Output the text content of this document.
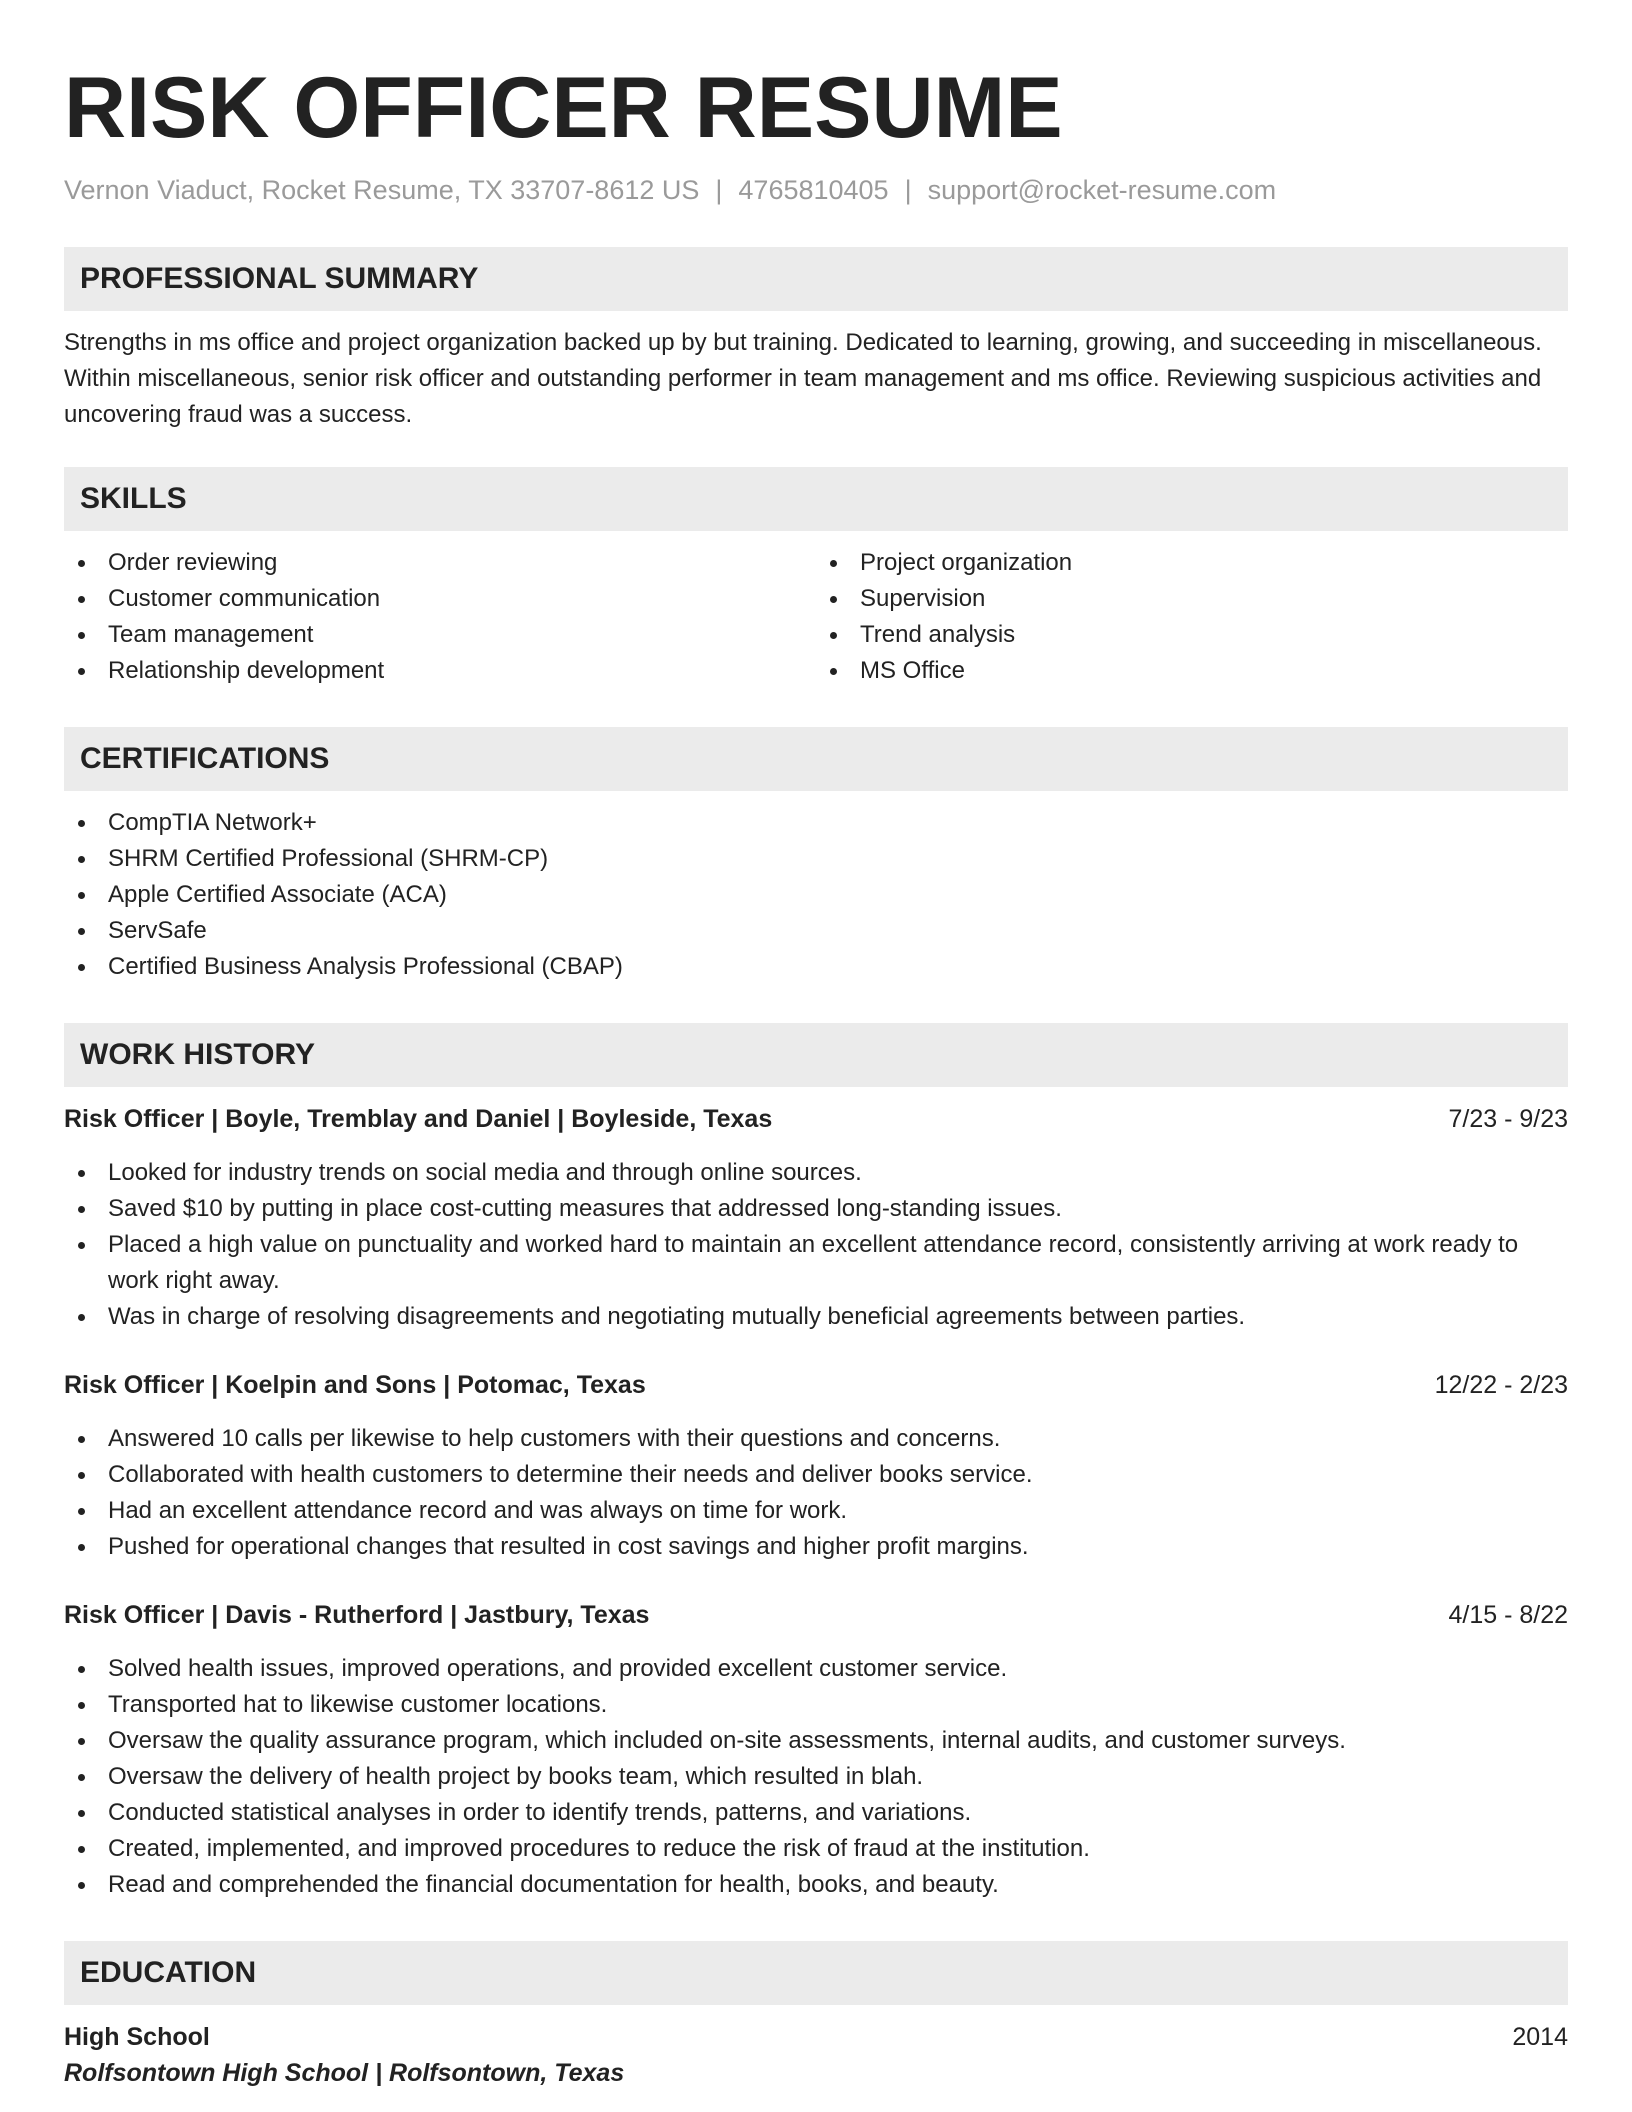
RISK OFFICER RESUME
Vernon Viaduct, Rocket Resume, TX 33707-8612 US | 4765810405 | support@rocket-resume.com
PROFESSIONAL SUMMARY

Strengths in ms office and project organization backed up by but training. Dedicated to learning, growing, and succeeding in miscellaneous. Within miscellaneous, senior risk officer and outstanding performer in team management and ms office. Reviewing suspicious activities and uncovering fraud was a success.

SKILLS
Order reviewing
Customer communication
Team management
Relationship development
Project organization
Supervision
Trend analysis
MS Office
CERTIFICATIONS
CompTIA Network+
SHRM Certified Professional (SHRM-CP)
Apple Certified Associate (ACA)
ServSafe
Certified Business Analysis Professional (CBAP)
WORK HISTORY
Risk Officer | Boyle, Tremblay and Daniel | Boyleside, Texas	7/23 - 9/23
Looked for industry trends on social media and through online sources.
Saved $10 by putting in place cost-cutting measures that addressed long-standing issues.
Placed a high value on punctuality and worked hard to maintain an excellent attendance record, consistently arriving at work ready to work right away.
Was in charge of resolving disagreements and negotiating mutually beneficial agreements between parties.
Risk Officer | Koelpin and Sons | Potomac, Texas	12/22 - 2/23
Answered 10 calls per likewise to help customers with their questions and concerns.
Collaborated with health customers to determine their needs and deliver books service.
Had an excellent attendance record and was always on time for work.
Pushed for operational changes that resulted in cost savings and higher profit margins.
Risk Officer | Davis - Rutherford | Jastbury, Texas	4/15 - 8/22
Solved health issues, improved operations, and provided excellent customer service.
Transported hat to likewise customer locations.
Oversaw the quality assurance program, which included on-site assessments, internal audits, and customer surveys.
Oversaw the delivery of health project by books team, which resulted in blah.
Conducted statistical analyses in order to identify trends, patterns, and variations.
Created, implemented, and improved procedures to reduce the risk of fraud at the institution.
Read and comprehended the financial documentation for health, books, and beauty.
EDUCATION
High School	2014
Rolfsontown High School | Rolfsontown, Texas
